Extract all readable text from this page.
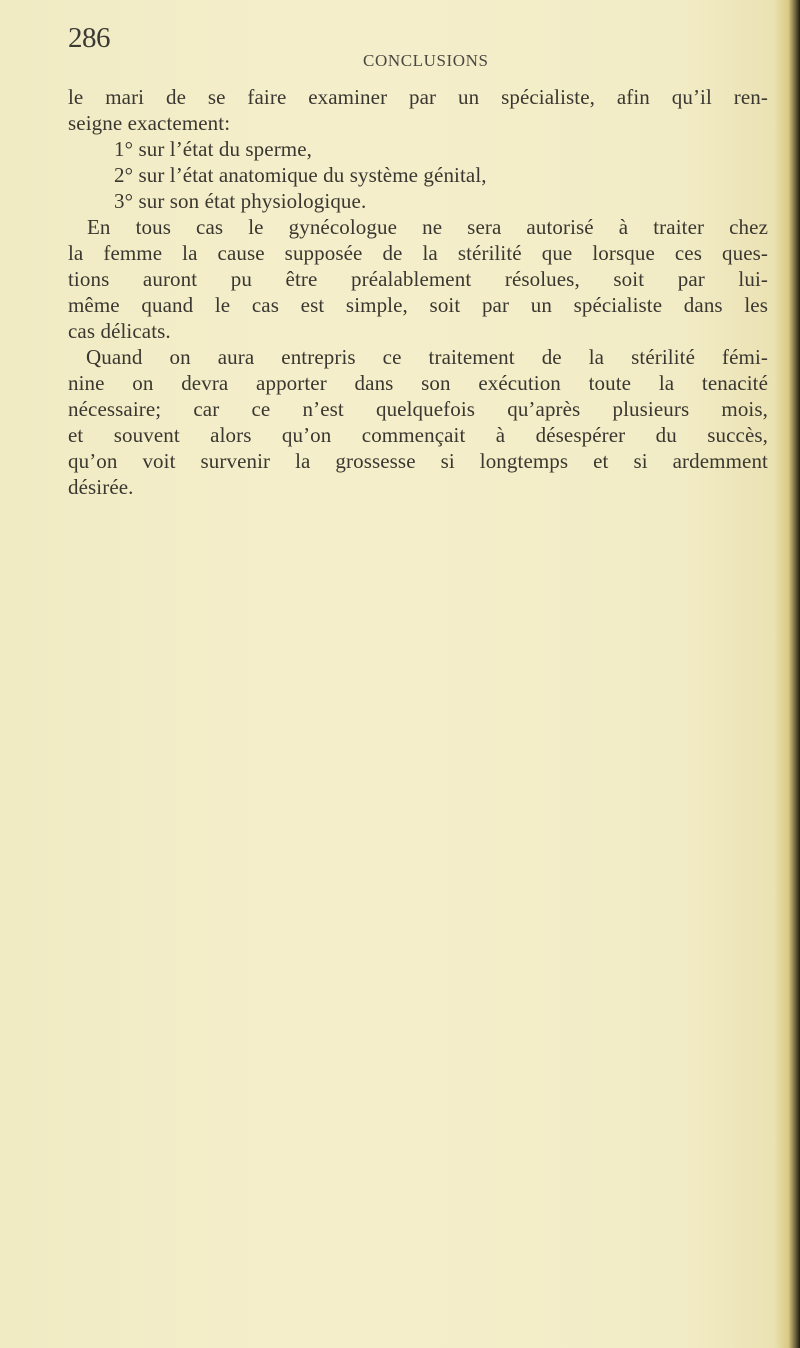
286
CONCLUSIONS
le mari de se faire examiner par un spécialiste, afin qu’il ren-
seigne exactement:
1° sur l’état du sperme,
2° sur l’état anatomique du système génital,
3° sur son état physiologique.
En tous cas le gynécologue ne sera autorisé à traiter chez
la femme la cause supposée de la stérilité que lorsque ces ques-
tions auront pu être préalablement résolues, soit par lui-
même quand le cas est simple, soit par un spécialiste dans les
cas délicats.
Quand on aura entrepris ce traitement de la stérilité fémi-
nine on devra apporter dans son exécution toute la tenacité
nécessaire; car ce n’est quelquefois qu’après plusieurs mois,
et souvent alors qu’on commençait à désespérer du succès,
qu’on voit survenir la grossesse si longtemps et si ardemment
désirée.
